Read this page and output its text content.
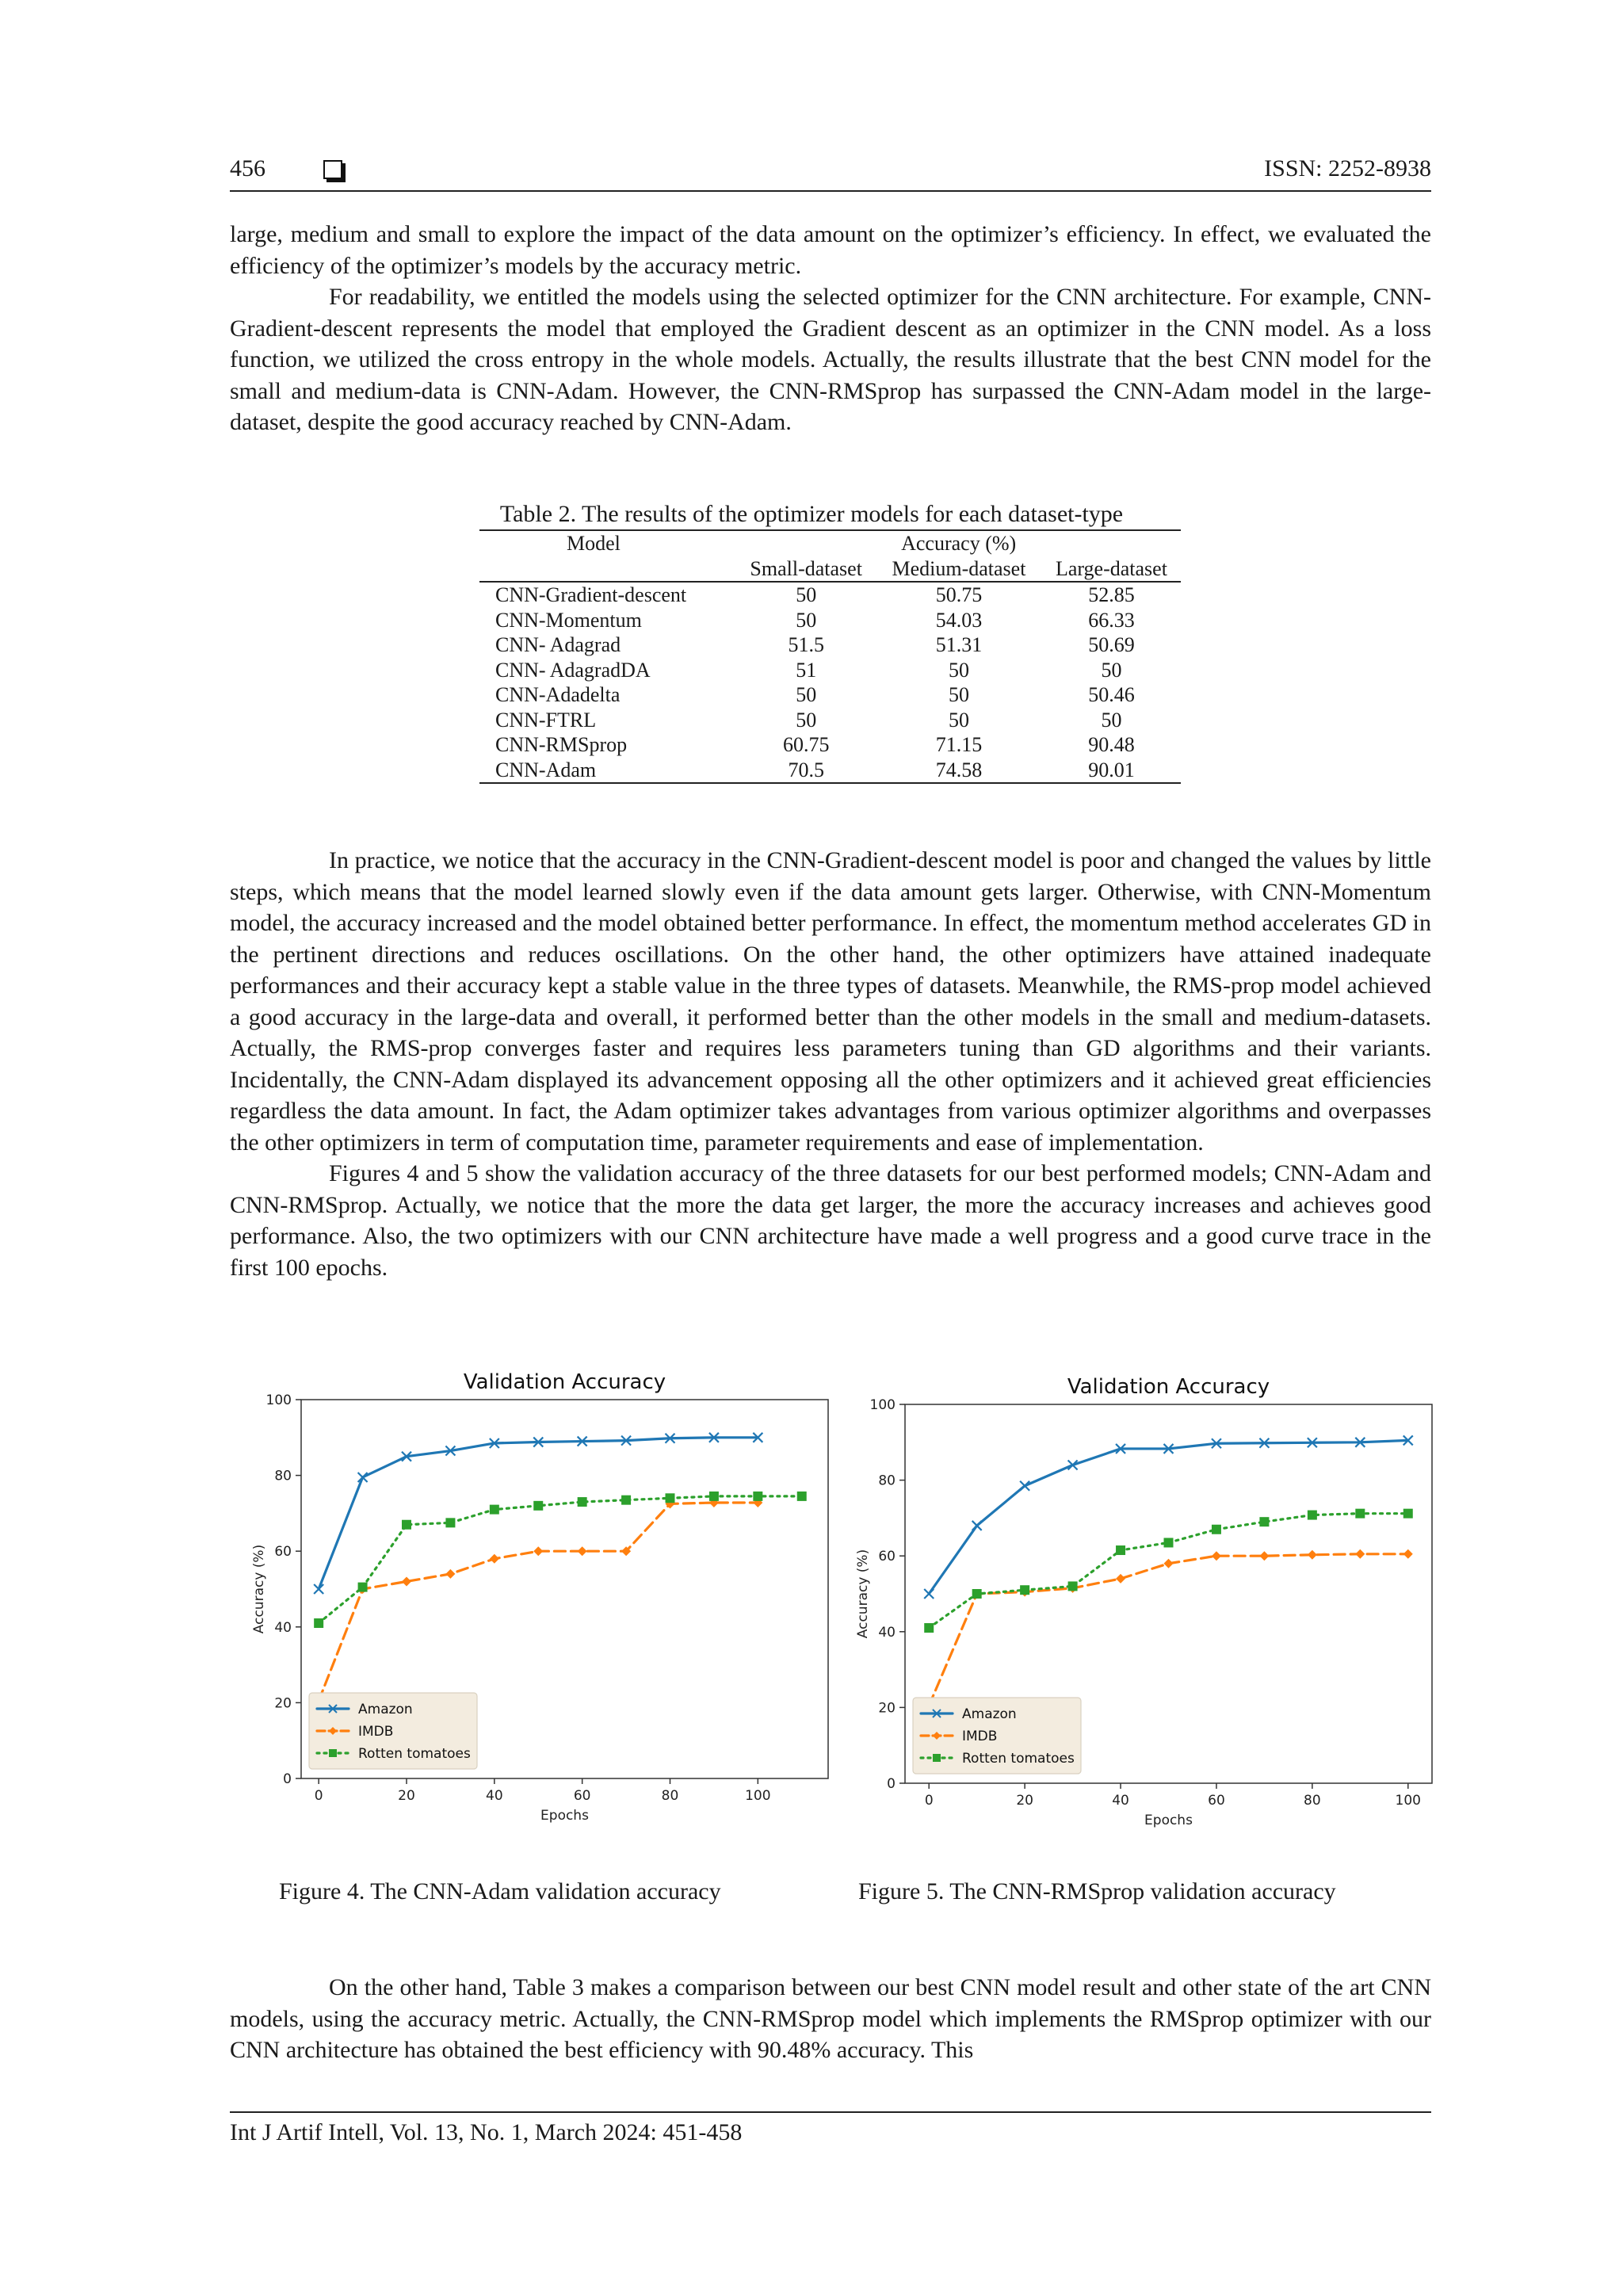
456	ISSN: 2252-8938

large, medium and small to explore the impact of the data amount on the optimizer’s efficiency. In effect, we evaluated the efficiency of the optimizer’s models by the accuracy metric.

For readability, we entitled the models using the selected optimizer for the CNN architecture. For example, CNN-Gradient-descent represents the model that employed the Gradient descent as an optimizer in the CNN model. As a loss function, we utilized the cross entropy in the whole models. Actually, the results illustrate that the best CNN model for the small and medium-data is CNN-Adam. However, the CNN-RMSprop has surpassed the CNN-Adam model in the large-dataset, despite the good accuracy reached by CNN-Adam.

Table 2. The results of the optimizer models for each dataset-type
Model	Accuracy (%)		
	Small-dataset	Medium-dataset	Large-dataset
CNN-Gradient-descent	50	50.75	52.85
CNN-Momentum	50	54.03	66.33
CNN- Adagrad	51.5	51.31	50.69
CNN- AdagradDA	51	50	50
CNN-Adadelta	50	50	50.46
CNN-FTRL	50	50	50
CNN-RMSprop	60.75	71.15	90.48
CNN-Adam	70.5	74.58	90.01

In practice, we notice that the accuracy in the CNN-Gradient-descent model is poor and changed the values by little steps, which means that the model learned slowly even if the data amount gets larger. Otherwise, with CNN-Momentum model, the accuracy increased and the model obtained better performance. In effect, the momentum method accelerates GD in the pertinent directions and reduces oscillations. On the other hand, the other optimizers have attained inadequate performances and their accuracy kept a stable value in the three types of datasets. Meanwhile, the RMS-prop model achieved a good accuracy in the large-data and overall, it performed better than the other models in the small and medium-datasets. Actually, the RMS-prop converges faster and requires less parameters tuning than GD algorithms and their variants. Incidentally, the CNN-Adam displayed its advancement opposing all the other optimizers and it achieved great efficiencies regardless the data amount. In fact, the Adam optimizer takes advantages from various optimizer algorithms and overpasses the other optimizers in term of computation time, parameter requirements and ease of implementation.

Figures 4 and 5 show the validation accuracy of the three datasets for our best performed models; CNN-Adam and CNN-RMSprop. Actually, we notice that the more the data get larger, the more the accuracy increases and achieves good performance. Also, the two optimizers with our CNN architecture have made a well progress and a good curve trace in the first 100 epochs.

Validation Accuracy
0
20
40
60
80
100
0	20	40	60	80	100
Epochs
Accuracy (%)
Amazon
IMDB
Rotten tomatoes
Validation Accuracy
0
20
40
60
80
100
0	20	40	60	80	100
Epochs
Accuracy (%)
Amazon
IMDB
Rotten tomatoes
Figure 4. The CNN-Adam validation accuracy	Figure 5. The CNN-RMSprop validation accuracy

On the other hand, Table 3 makes a comparison between our best CNN model result and other state of the art CNN models, using the accuracy metric. Actually, the CNN-RMSprop model which implements the RMSprop optimizer with our CNN architecture has obtained the best efficiency with 90.48% accuracy. This

Int J Artif Intell, Vol. 13, No. 1, March 2024: 451-458
